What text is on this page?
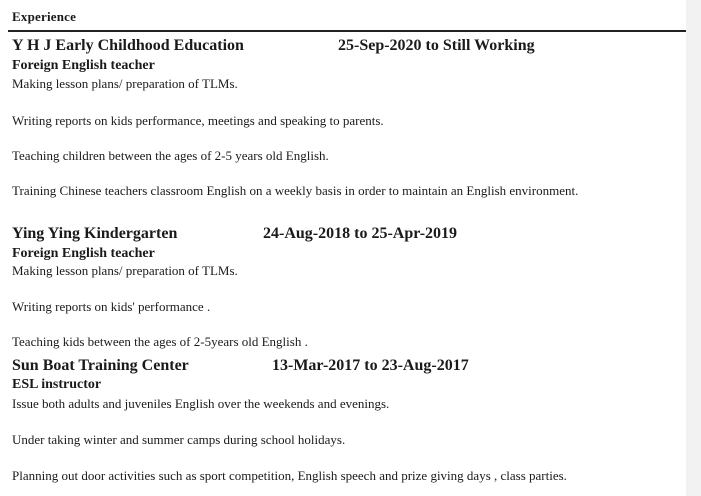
Experience
Y H J Early Childhood Education	25-Sep-2020 to Still Working
Foreign English teacher
Making lesson plans/ preparation of TLMs.
Writing reports on kids performance, meetings and speaking to parents.
Teaching children between the ages of 2-5 years old English.
Training Chinese teachers classroom English on a weekly basis in order to maintain an English environment.
Ying Ying Kindergarten	24-Aug-2018 to 25-Apr-2019
Foreign English teacher
Making lesson plans/ preparation of TLMs.
Writing reports on kids' performance .
Teaching kids between the ages of 2-5years old English .
Sun Boat Training Center	13-Mar-2017 to 23-Aug-2017
ESL instructor
Issue both adults and juveniles English over the weekends and evenings.
Under taking winter and summer camps during school holidays.
Planning out door activities such as sport competition, English speech and prize giving days , class parties.
